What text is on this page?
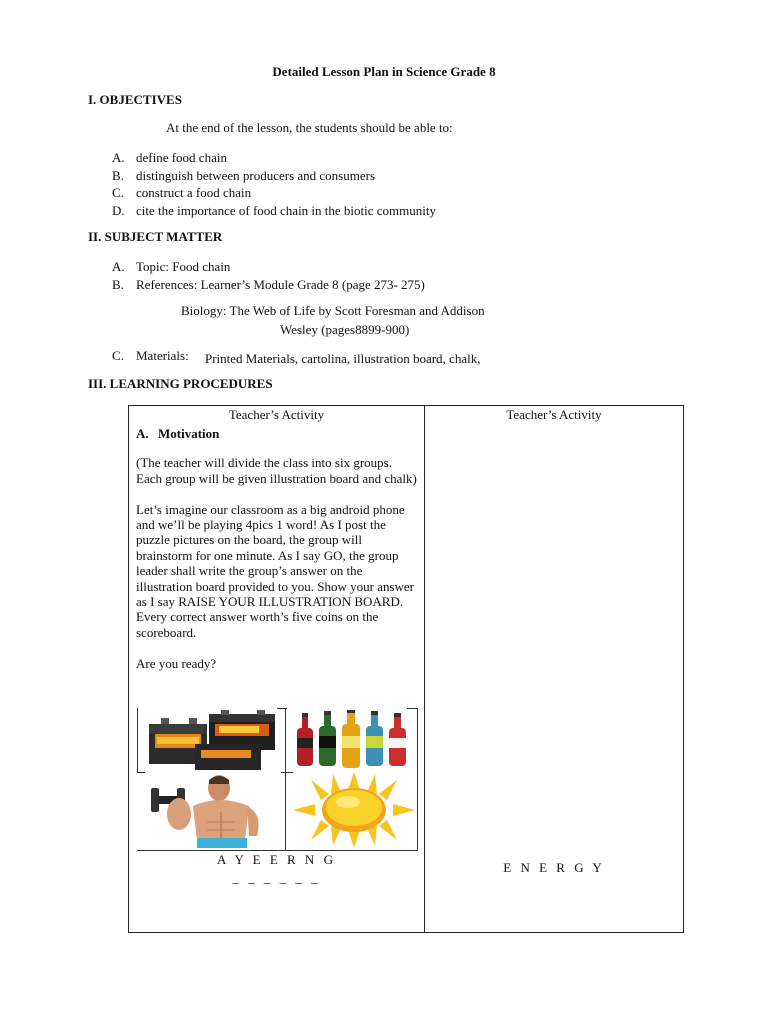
Detailed Lesson Plan in Science Grade 8
I. OBJECTIVES
At the end of the lesson, the students should be able to:
A. define food chain
B. distinguish between producers and consumers
C. construct a food chain
D. cite the importance of food chain in the biotic community
II. SUBJECT MATTER
A. Topic: Food chain
B. References: Learner’s Module Grade 8 (page 273- 275)
Biology: The Web of Life by Scott Foresman and Addison
Wesley (pages8899-900)
C. Materials: Printed Materials, cartolina, illustration board, chalk,
III. LEARNING PROCEDURES
Teacher’s Activity	Teacher’s Activity

A. Motivation

(The teacher will divide the class into six groups. Each group will be given illustration board and chalk)

Let’s imagine our classroom as a big android phone and we’ll be playing 4pics 1 word! As I post the puzzle pictures on the board, the group will brainstorm for one minute. As I say GO, the group leader shall write the group’s answer on the illustration board provided to you. Show your answer as I say RAISE YOUR ILLUSTRATION BOARD.

Every correct answer worth’s five coins on the scoreboard.

Are you ready?

A Y E E R N G
_ _ _ _ _ _
E N E R G Y
